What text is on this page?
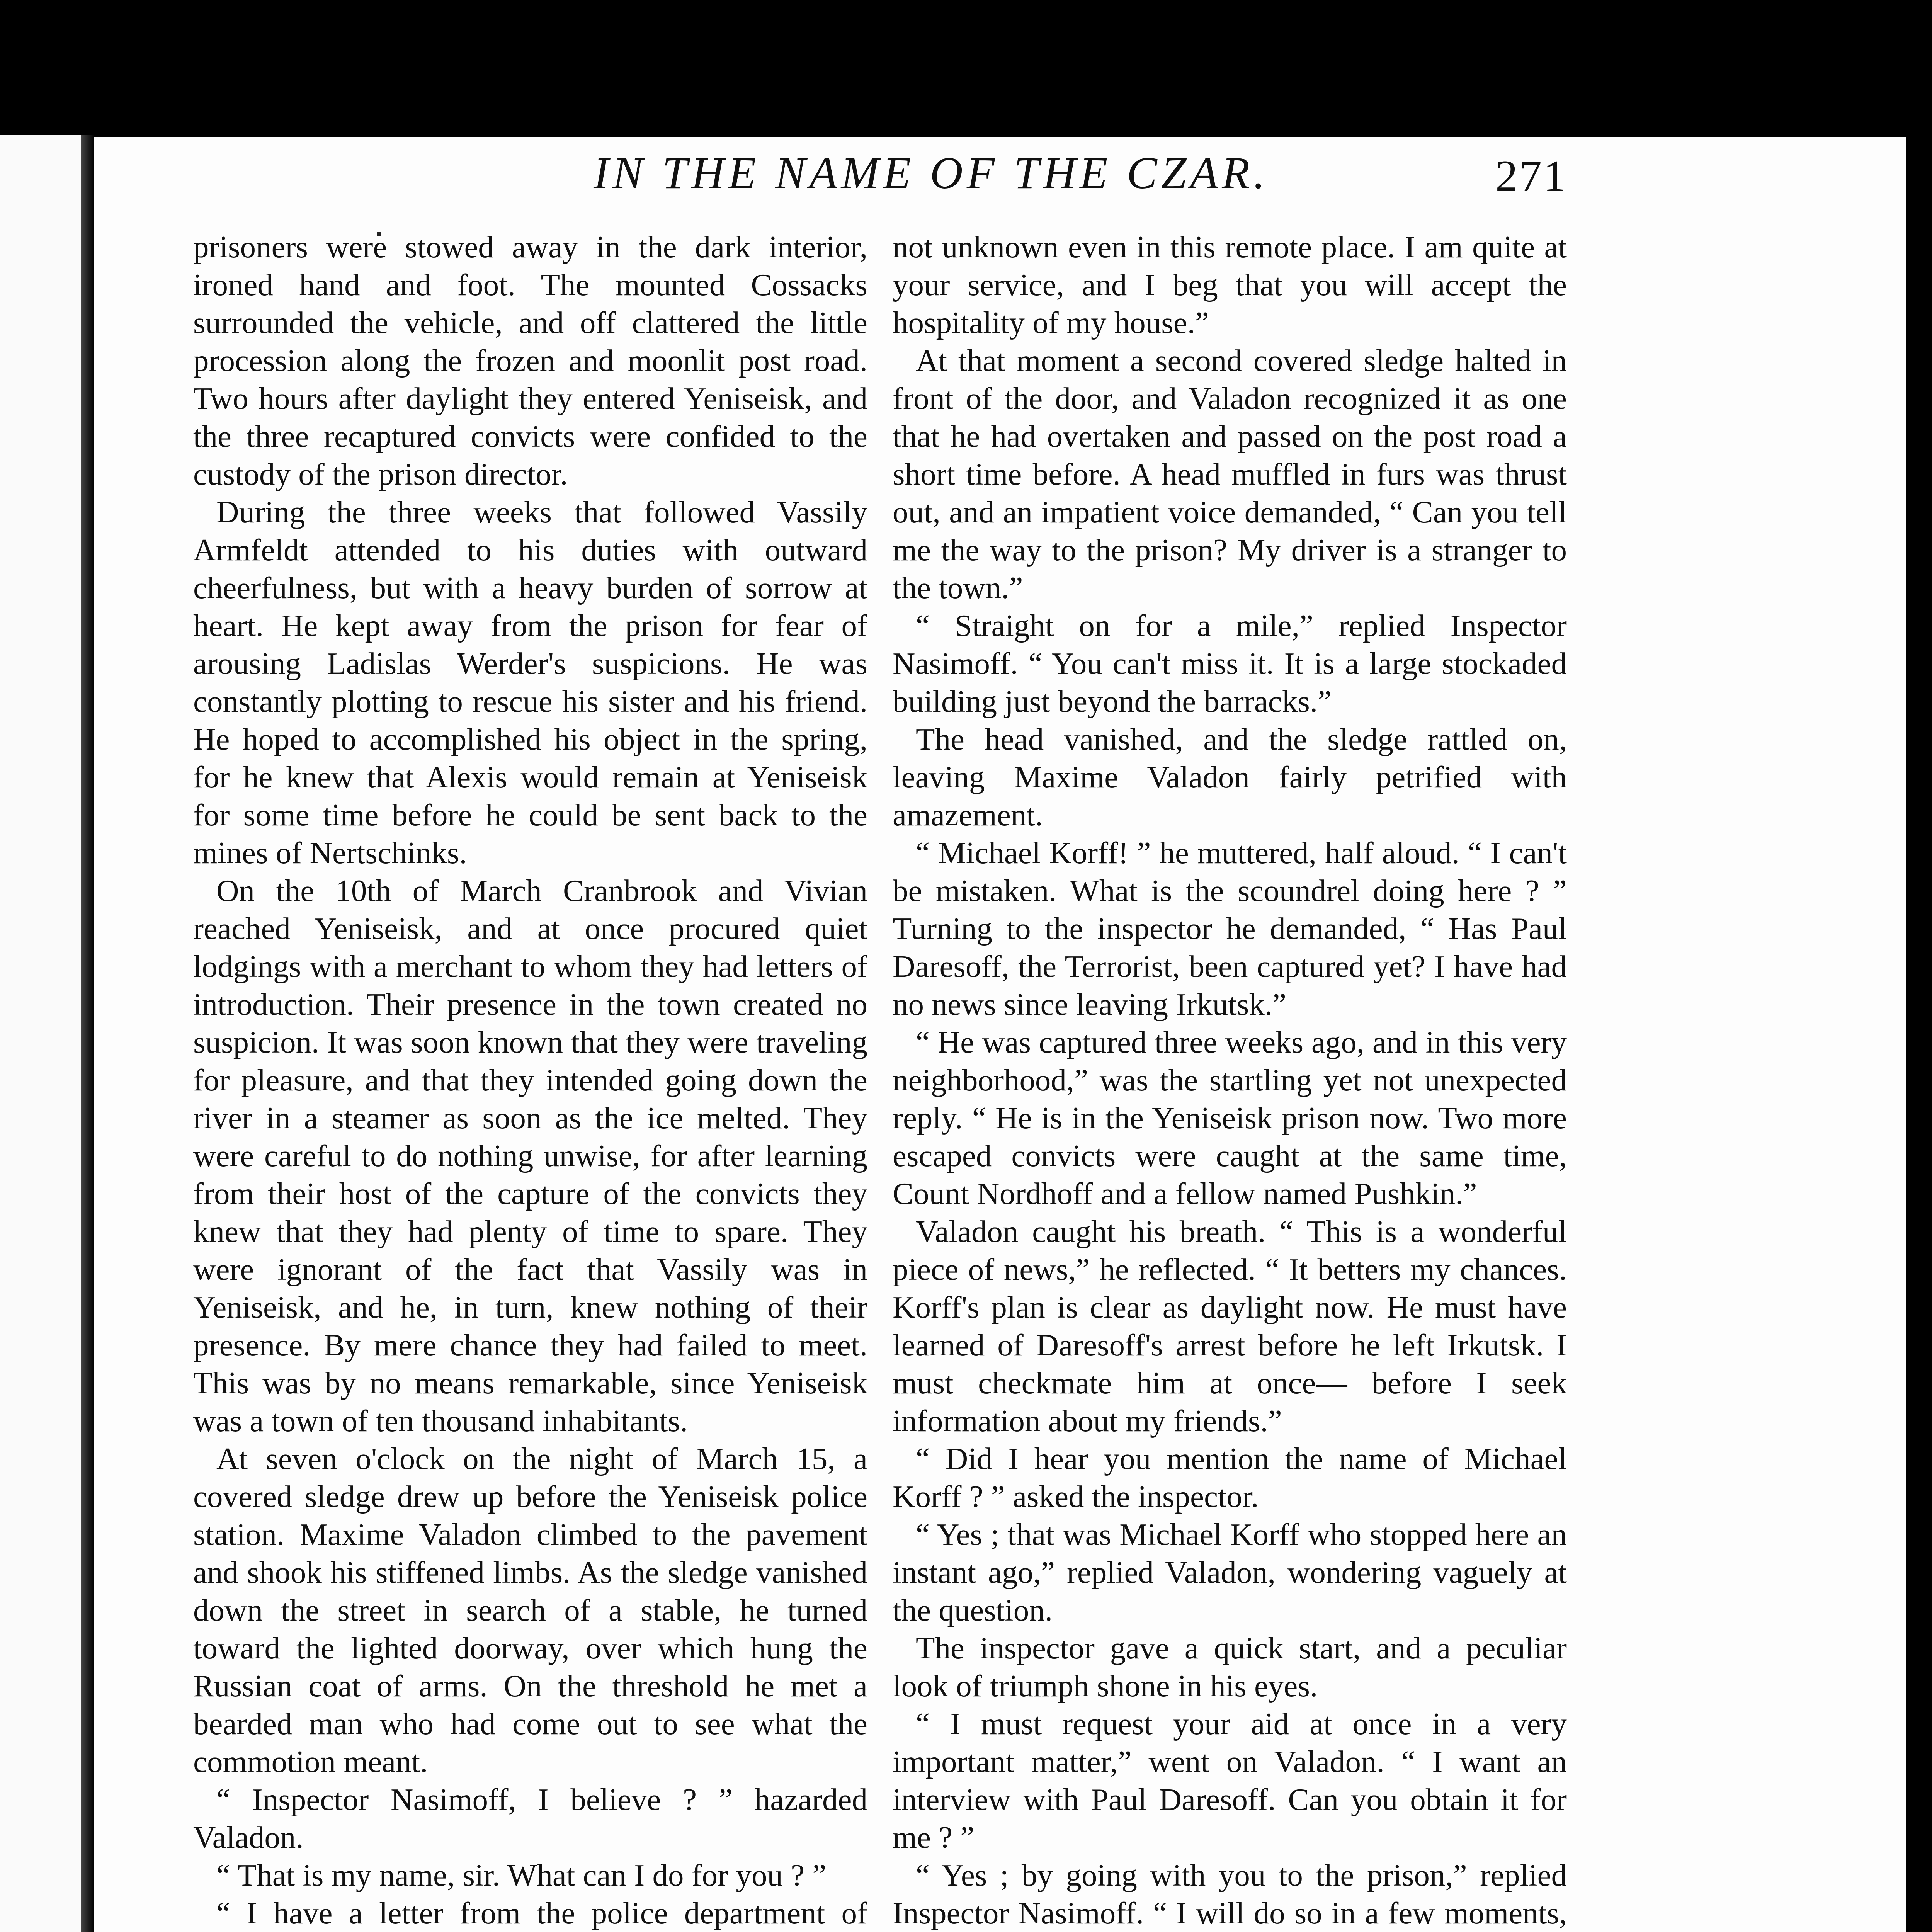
IN THE NAME OF THE CZAR.	271

prisoners were stowed away in the dark interior, ironed hand and foot. The mounted Cossacks surrounded the vehicle, and off clattered the little procession along the frozen and moonlit post road. Two hours after daylight they entered Yeniseisk, and the three recaptured convicts were confided to the custody of the prison director.

During the three weeks that followed Vassily Armfeldt attended to his duties with outward cheerfulness, but with a heavy burden of sorrow at heart. He kept away from the prison for fear of arousing Ladislas Werder's suspicions. He was constantly plotting to rescue his sister and his friend. He hoped to accomplished his object in the spring, for he knew that Alexis would remain at Yeniseisk for some time before he could be sent back to the mines of Nertschinks.

On the 10th of March Cranbrook and Vivian reached Yeniseisk, and at once procured quiet lodgings with a merchant to whom they had letters of introduction. Their presence in the town created no suspicion. It was soon known that they were traveling for pleasure, and that they intended going down the river in a steamer as soon as the ice melted. They were careful to do nothing unwise, for after learning from their host of the capture of the convicts they knew that they had plenty of time to spare. They were ignorant of the fact that Vassily was in Yeniseisk, and he, in turn, knew nothing of their presence. By mere chance they had failed to meet. This was by no means remarkable, since Yeniseisk was a town of ten thousand inhabitants.

At seven o'clock on the night of March 15, a covered sledge drew up before the Yeniseisk police station. Maxime Valadon climbed to the pavement and shook his stiffened limbs. As the sledge vanished down the street in search of a stable, he turned toward the lighted doorway, over which hung the Russian coat of arms. On the threshold he met a bearded man who had come out to see what the commotion meant.

“ Inspector Nasimoff, I believe ? ” hazarded Valadon.

“ That is my name, sir. What can I do for you ? ”

“ I have a letter from the police department of

not unknown even in this remote place. I am quite at your service, and I beg that you will accept the hospitality of my house.”

At that moment a second covered sledge halted in front of the door, and Valadon recognized it as one that he had overtaken and passed on the post road a short time before. A head muffled in furs was thrust out, and an impatient voice demanded, “ Can you tell me the way to the prison? My driver is a stranger to the town.”

“ Straight on for a mile,” replied Inspector Nasimoff. “ You can't miss it. It is a large stockaded building just beyond the barracks.”

The head vanished, and the sledge rattled on, leaving Maxime Valadon fairly petrified with amazement.

“ Michael Korff! ” he muttered, half aloud. “ I can't be mistaken. What is the scoundrel doing here ? ” Turning to the inspector he demanded, “ Has Paul Daresoff, the Terrorist, been captured yet? I have had no news since leaving Irkutsk.”

“ He was captured three weeks ago, and in this very neighborhood,” was the startling yet not unexpected reply. “ He is in the Yeniseisk prison now. Two more escaped convicts were caught at the same time, Count Nordhoff and a fellow named Pushkin.”

Valadon caught his breath. “ This is a wonderful piece of news,” he reflected. “ It betters my chances. Korff's plan is clear as daylight now. He must have learned of Daresoff's arrest before he left Irkutsk. I must checkmate him at once— before I seek information about my friends.”

“ Did I hear you mention the name of Michael Korff ? ” asked the inspector.

“ Yes ; that was Michael Korff who stopped here an instant ago,” replied Valadon, wondering vaguely at the question.

The inspector gave a quick start, and a peculiar look of triumph shone in his eyes.

“ I must request your aid at once in a very important matter,” went on Valadon. “ I want an interview with Paul Daresoff. Can you obtain it for me ? ”

“ Yes ; by going with you to the prison,” replied Inspector Nasimoff. “ I will do so in a few moments,
